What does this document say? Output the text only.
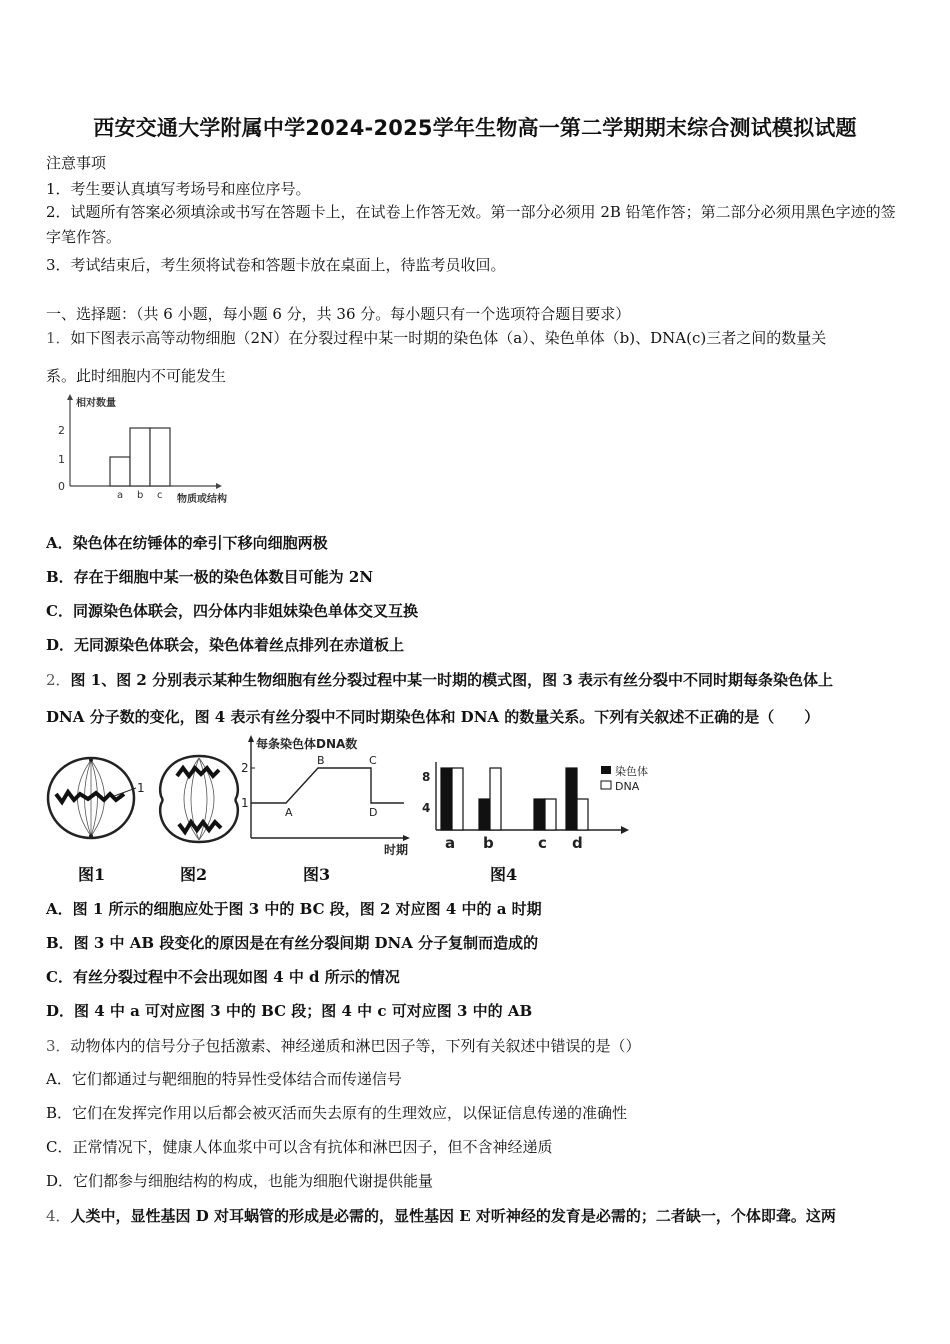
西安交通大学附属中学2024-2025学年生物高一第二学期期末综合测试模拟试题
注意事项
1．考生要认真填写考场号和座位序号。
2．试题所有答案必须填涂或书写在答题卡上，在试卷上作答无效。第一部分必须用 2B 铅笔作答；第二部分必须用黑色字迹的签字笔作答。
3．考试结束后，考生须将试卷和答题卡放在桌面上，待监考员收回。
一、选择题：（共 6 小题，每小题 6 分，共 36 分。每小题只有一个选项符合题目要求）
1．如下图表示高等动物细胞（2N）在分裂过程中某一时期的染色体（a）、染色单体（b)、DNA(c)三者之间的数量关
系。此时细胞内不可能发生
相对数量
0
1
2
a b c 物质或结构
A．染色体在纺锤体的牵引下移向细胞两极
B．存在于细胞中某一极的染色体数目可能为 2N
C．同源染色体联会，四分体内非姐妹染色单体交叉互换
D．无同源染色体联会，染色体着丝点排列在赤道板上
2．图 1、图 2 分别表示某种生物细胞有丝分裂过程中某一时期的模式图，图 3 表示有丝分裂中不同时期每条染色体上
DNA 分子数的变化，图 4 表示有丝分裂中不同时期染色体和 DNA 的数量关系。下列有关叙述不正确的是（　　）
1
图1	图2
每条染色体DNA数
2
1
A
B	C
D
时期
图3
8
4
a b	c d
染色体
DNA
图4
A．图 1 所示的细胞应处于图 3 中的 BC 段，图 2 对应图 4 中的 a 时期
B．图 3 中 AB 段变化的原因是在有丝分裂间期 DNA 分子复制而造成的
C．有丝分裂过程中不会出现如图 4 中 d 所示的情况
D．图 4 中 a 可对应图 3 中的 BC 段；图 4 中 c 可对应图 3 中的 AB
3．动物体内的信号分子包括激素、神经递质和淋巴因子等，下列有关叙述中错误的是（）
A．它们都通过与靶细胞的特异性受体结合而传递信号
B．它们在发挥完作用以后都会被灭活而失去原有的生理效应，以保证信息传递的准确性
C．正常情况下，健康人体血浆中可以含有抗体和淋巴因子，但不含神经递质
D．它们都参与细胞结构的构成，也能为细胞代谢提供能量
4．人类中，显性基因 D 对耳蜗管的形成是必需的，显性基因 E 对听神经的发育是必需的；二者缺一，个体即聋。这两
